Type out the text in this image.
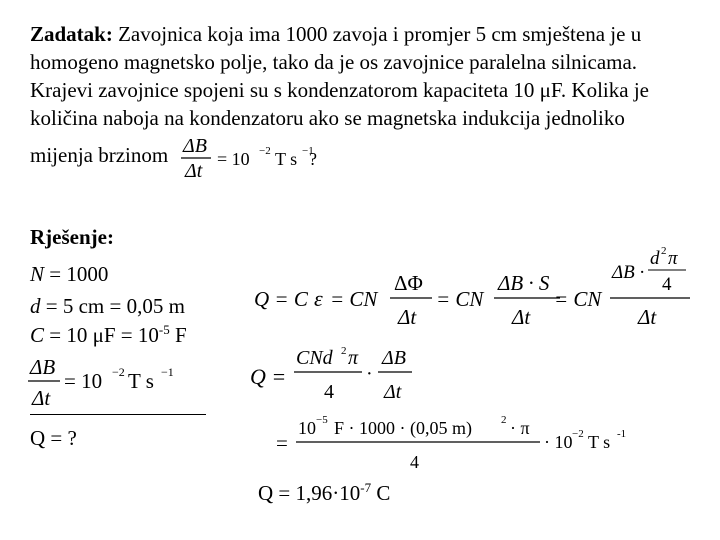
Zadatak: Zavojnica koja ima 1000 zavoja i promjer 5 cm smještena je u homogeno magnetsko polje, tako da je os zavojnice paralelna silnicama. Krajevi zavojnice spojeni su s kondenzatorom kapaciteta 10 μF. Kolika je količina naboja na kondenzatoru ako se magnetska indukcija jednoliko mijenja brzinom ΔB
Δt
= 10 −2 T s −1
?
Rješenje:
N = 1000
d = 5 cm = 0,05 m
C = 10 $\mu F = 10^{-5}$ F
ΔB
Δt
= 10 −2 T s −1
Q = ?
Q = C ε = CN
ΔΦ
Δt
= CN
ΔB · S
Δt
= CN
ΔB ·
d 2 π
4
Δt
Q =
CNd 2 π
4
·
ΔB
Δt
=
10 −5 F · 1000 · (0,05 m)	2 · π
4
· 10 −2 T s -1
$Q = 1,96\cdot 10^{-7}$ C
